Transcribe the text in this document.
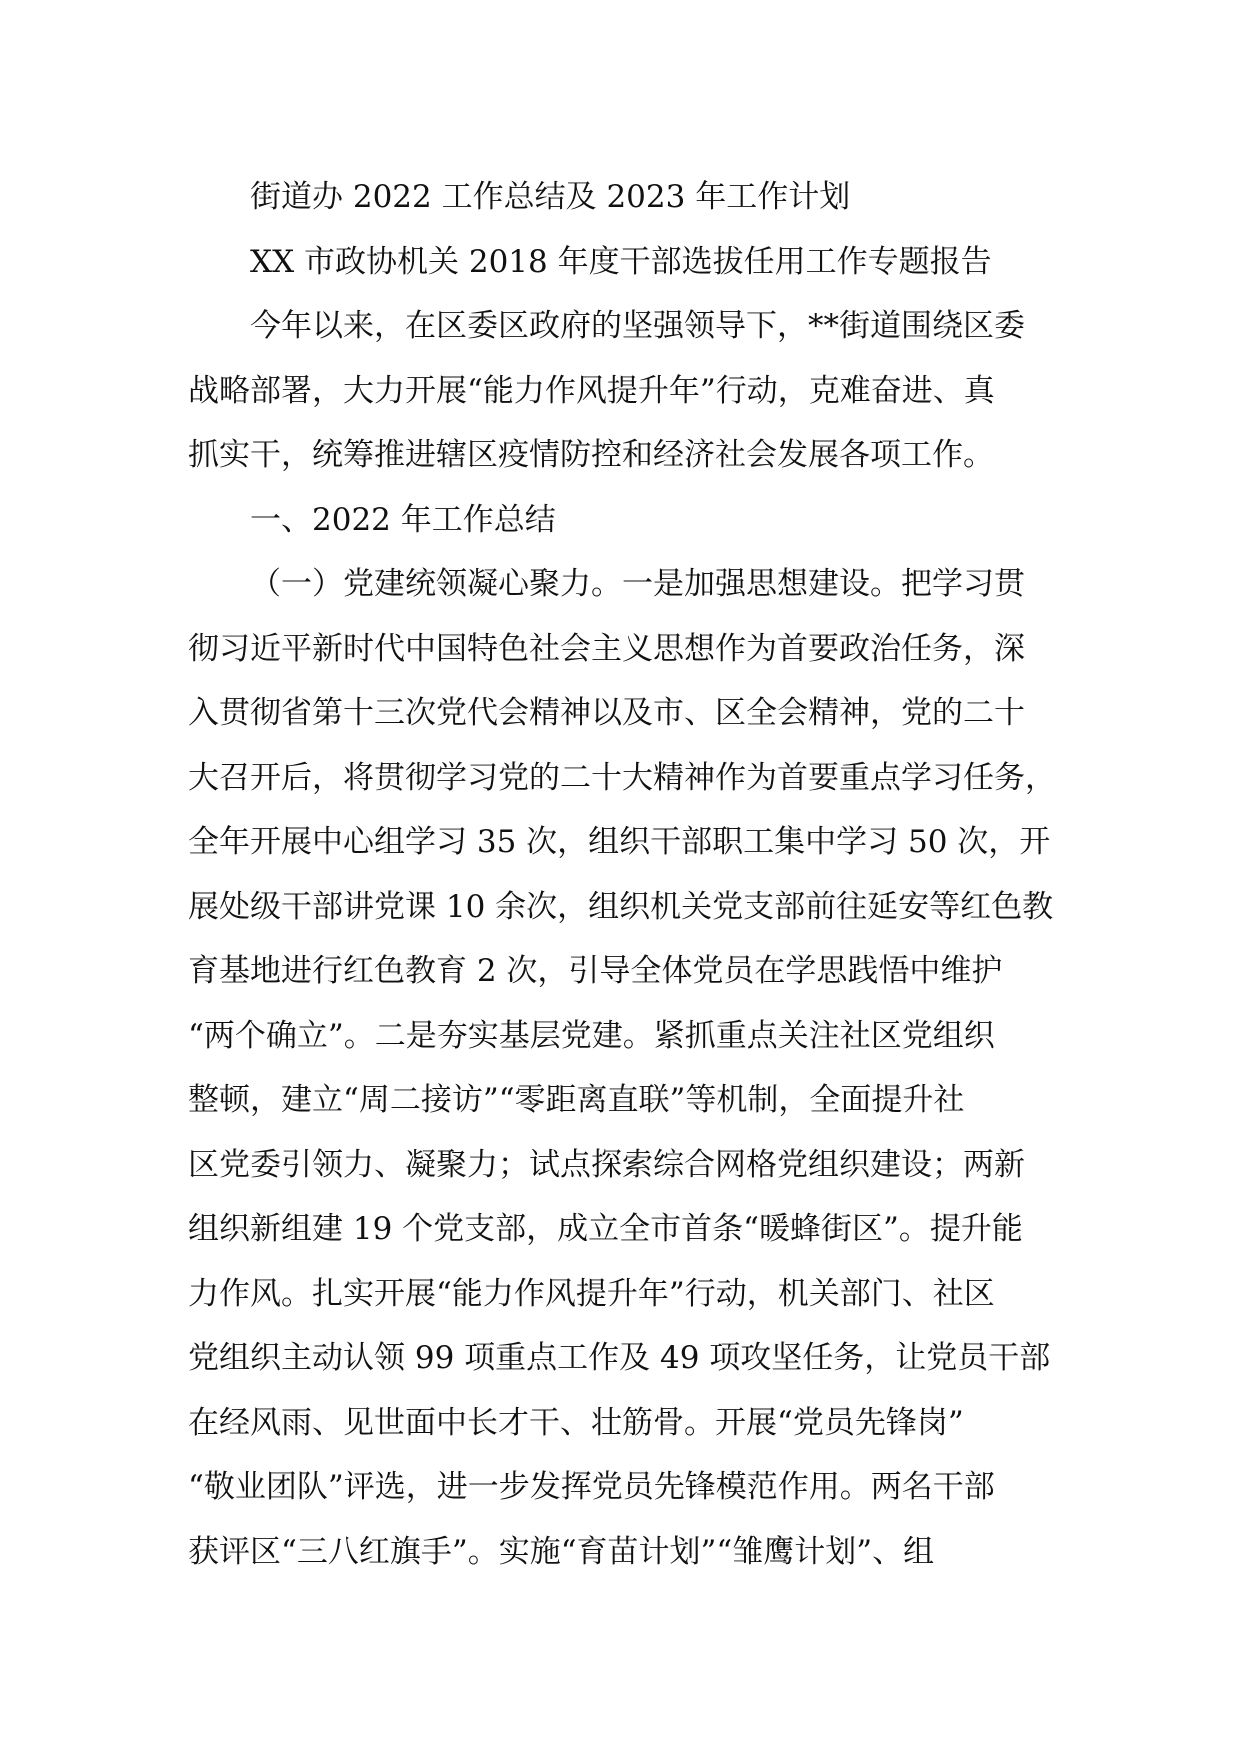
街道办 2022 工作总结及 2023 年工作计划
XX 市政协机关 2018 年度干部选拔任用工作专题报告
今年以来，在区委区政府的坚强领导下，**街道围绕区委
战略部署，大力开展“能力作风提升年”行动，克难奋进、真
抓实干，统筹推进辖区疫情防控和经济社会发展各项工作。
一、2022 年工作总结
（一）党建统领凝心聚力。一是加强思想建设。把学习贯
彻习近平新时代中国特色社会主义思想作为首要政治任务，深
入贯彻省第十三次党代会精神以及市、区全会精神，党的二十
大召开后，将贯彻学习党的二十大精神作为首要重点学习任务，
全年开展中心组学习 35 次，组织干部职工集中学习 50 次，开
展处级干部讲党课 10 余次，组织机关党支部前往延安等红色教
育基地进行红色教育 2 次，引导全体党员在学思践悟中维护
“两个确立”。二是夯实基层党建。紧抓重点关注社区党组织
整顿，建立“周二接访”“零距离直联”等机制，全面提升社
区党委引领力、凝聚力；试点探索综合网格党组织建设；两新
组织新组建 19 个党支部，成立全市首条“暖蜂街区”。提升能
力作风。扎实开展“能力作风提升年”行动，机关部门、社区
党组织主动认领 99 项重点工作及 49 项攻坚任务，让党员干部
在经风雨、见世面中长才干、壮筋骨。开展“党员先锋岗”
“敬业团队”评选，进一步发挥党员先锋模范作用。两名干部
获评区“三八红旗手”。实施“育苗计划”“雏鹰计划”、组
